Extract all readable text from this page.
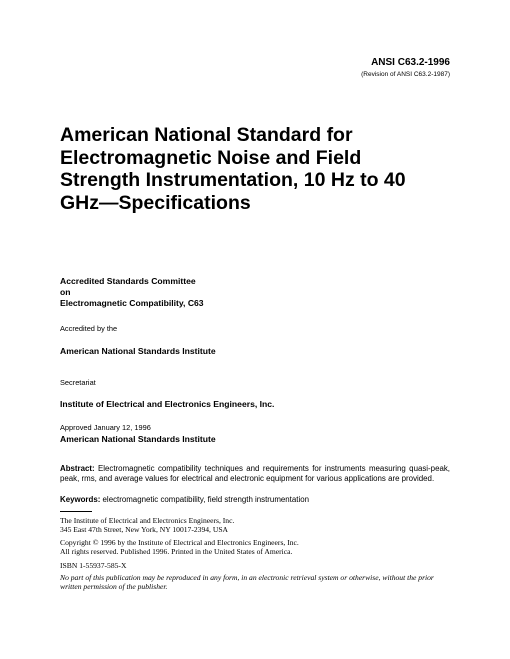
ANSI C63.2-1996
(Revision of ANSI C63.2-1987)
American National Standard for
Electromagnetic Noise and Field
Strength Instrumentation, 10 Hz to 40
GHz—Specifications
Accredited Standards Committee
on
Electromagnetic Compatibility, C63
Accredited by the
American National Standards Institute
Secretariat
Institute of Electrical and Electronics Engineers, Inc.
Approved January 12, 1996
American National Standards Institute
Abstract: Electromagnetic compatibility techniques and requirements for instruments measuring quasi-peak, peak, rms, and average values for electrical and electronic equipment for various applications are provided.
Keywords: electromagnetic compatibility, field strength instrumentation
The Institute of Electrical and Electronics Engineers, Inc.
345 East 47th Street, New York, NY 10017-2394, USA
Copyright © 1996 by the Institute of Electrical and Electronics Engineers, Inc.
All rights reserved. Published 1996. Printed in the United States of America.
ISBN 1-55937-585-X
No part of this publication may be reproduced in any form, in an electronic retrieval system or otherwise, without the prior written permission of the publisher.
